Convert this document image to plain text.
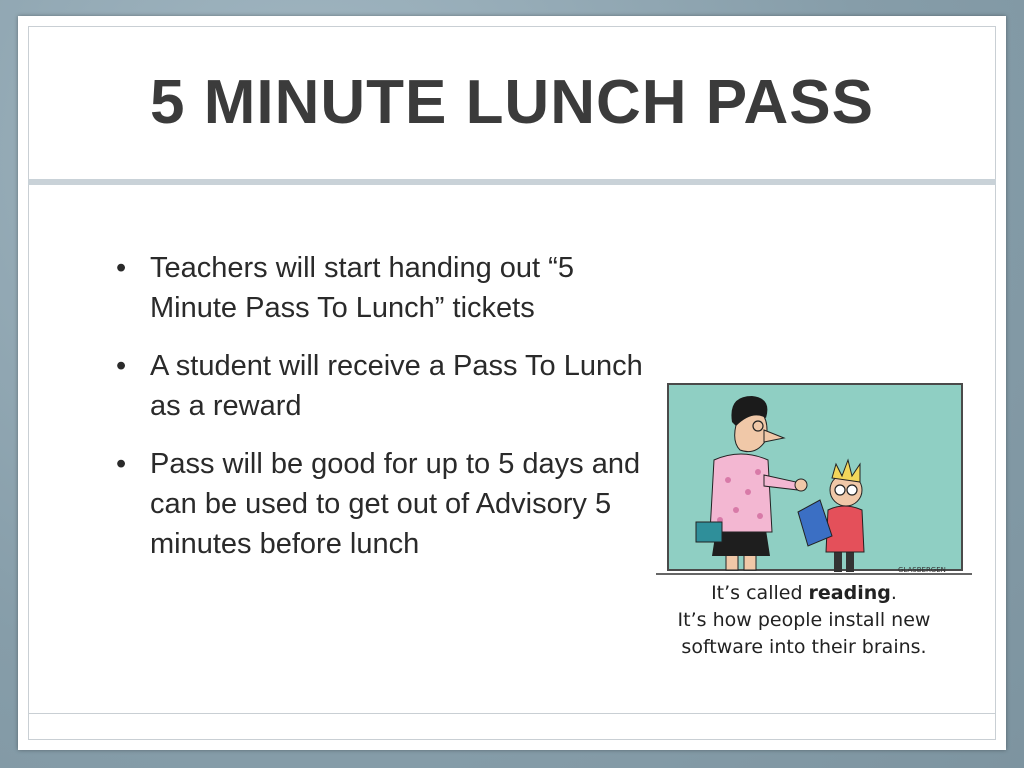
5 MINUTE LUNCH PASS
• Teachers will start handing out “5 Minute Pass To Lunch” tickets
• A student will receive a Pass To Lunch as a reward
• Pass will be good for up to 5 days and can be used to get out of Advisory 5 minutes before lunch
GLASBERGEN
It’s called reading.
It’s how people install new
software into their brains.
